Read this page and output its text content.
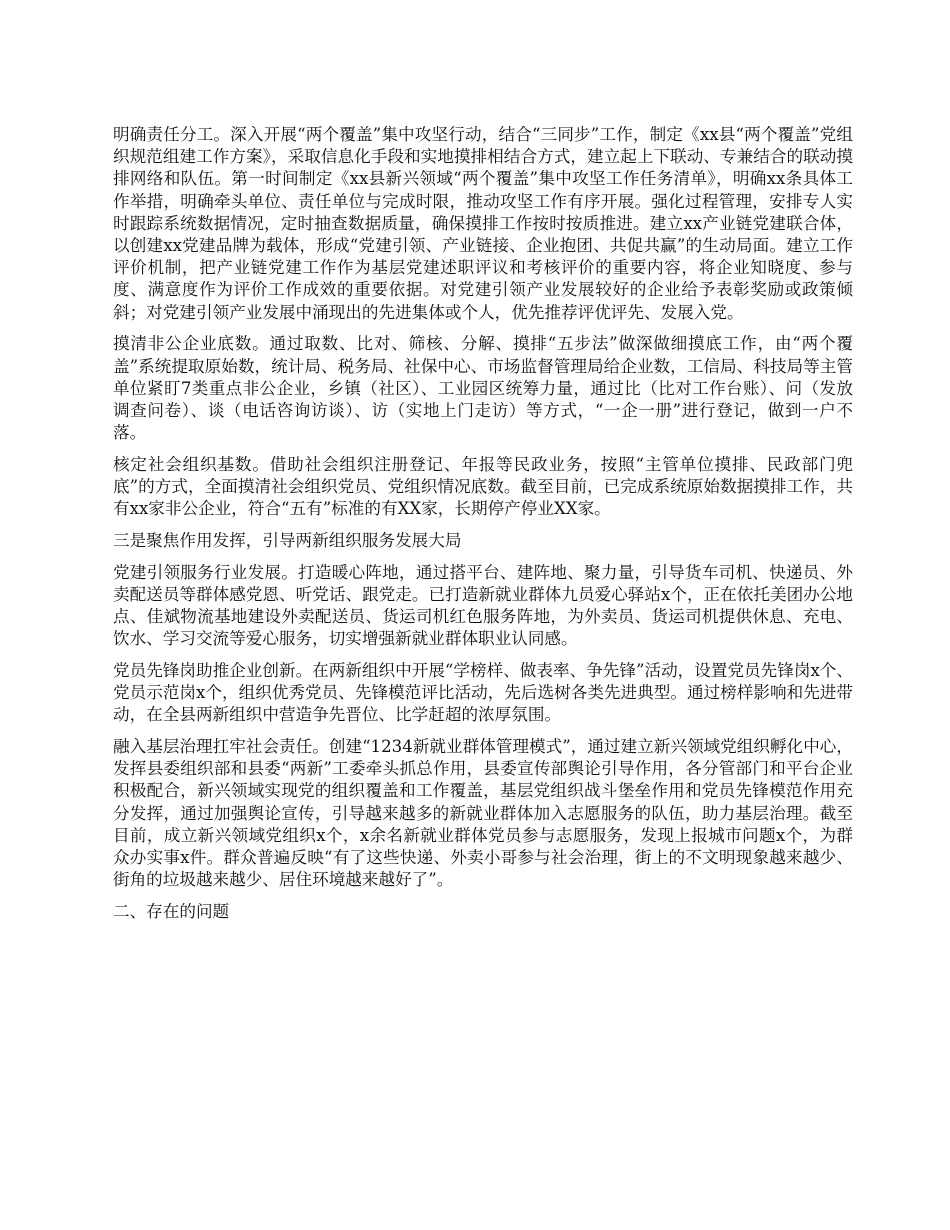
明确责任分工。深入开展“两个覆盖”集中攻坚行动，结合“三同步”工作，制定《xx县“两个覆盖”党组织规范组建工作方案》，采取信息化手段和实地摸排相结合方式，建立起上下联动、专兼结合的联动摸排网络和队伍。第一时间制定《xx县新兴领域“两个覆盖”集中攻坚工作任务清单》，明确xx条具体工作举措，明确牵头单位、责任单位与完成时限，推动攻坚工作有序开展。强化过程管理，安排专人实时跟踪系统数据情况，定时抽查数据质量，确保摸排工作按时按质推进。建立xx产业链党建联合体，以创建xx党建品牌为载体，形成“党建引领、产业链接、企业抱团、共促共赢”的生动局面。建立工作评价机制，把产业链党建工作作为基层党建述职评议和考核评价的重要内容，将企业知晓度、参与度、满意度作为评价工作成效的重要依据。对党建引领产业发展较好的企业给予表彰奖励或政策倾斜；对党建引领产业发展中涌现出的先进集体或个人，优先推荐评优评先、发展入党。

摸清非公企业底数。通过取数、比对、筛核、分解、摸排“五步法”做深做细摸底工作，由“两个覆盖”系统提取原始数，统计局、税务局、社保中心、市场监督管理局给企业数，工信局、科技局等主管单位紧盯7类重点非公企业，乡镇（社区）、工业园区统筹力量，通过比（比对工作台账）、问（发放调查问卷）、谈（电话咨询访谈）、访（实地上门走访）等方式，“一企一册”进行登记，做到一户不落。

核定社会组织基数。借助社会组织注册登记、年报等民政业务，按照“主管单位摸排、民政部门兜底”的方式，全面摸清社会组织党员、党组织情况底数。截至目前，已完成系统原始数据摸排工作，共有xx家非公企业，符合“五有”标准的有XX家，长期停产停业XX家。

三是聚焦作用发挥，引导两新组织服务发展大局

党建引领服务行业发展。打造暖心阵地，通过搭平台、建阵地、聚力量，引导货车司机、快递员、外卖配送员等群体感党恩、听党话、跟党走。已打造新就业群体九员爱心驿站x个，正在依托美团办公地点、佳斌物流基地建设外卖配送员、货运司机红色服务阵地，为外卖员、货运司机提供休息、充电、饮水、学习交流等爱心服务，切实增强新就业群体职业认同感。

党员先锋岗助推企业创新。在两新组织中开展“学榜样、做表率、争先锋”活动，设置党员先锋岗x个、党员示范岗x个，组织优秀党员、先锋模范评比活动，先后选树各类先进典型。通过榜样影响和先进带动，在全县两新组织中营造争先晋位、比学赶超的浓厚氛围。

融入基层治理扛牢社会责任。创建“1234新就业群体管理模式”，通过建立新兴领域党组织孵化中心，发挥县委组织部和县委“两新”工委牵头抓总作用，县委宣传部舆论引导作用，各分管部门和平台企业积极配合，新兴领域实现党的组织覆盖和工作覆盖，基层党组织战斗堡垒作用和党员先锋模范作用充分发挥，通过加强舆论宣传，引导越来越多的新就业群体加入志愿服务的队伍，助力基层治理。截至目前，成立新兴领域党组织x个，x余名新就业群体党员参与志愿服务，发现上报城市问题x个，为群众办实事x件。群众普遍反映“有了这些快递、外卖小哥参与社会治理，街上的不文明现象越来越少、街角的垃圾越来越少、居住环境越来越好了”。

二、存在的问题
